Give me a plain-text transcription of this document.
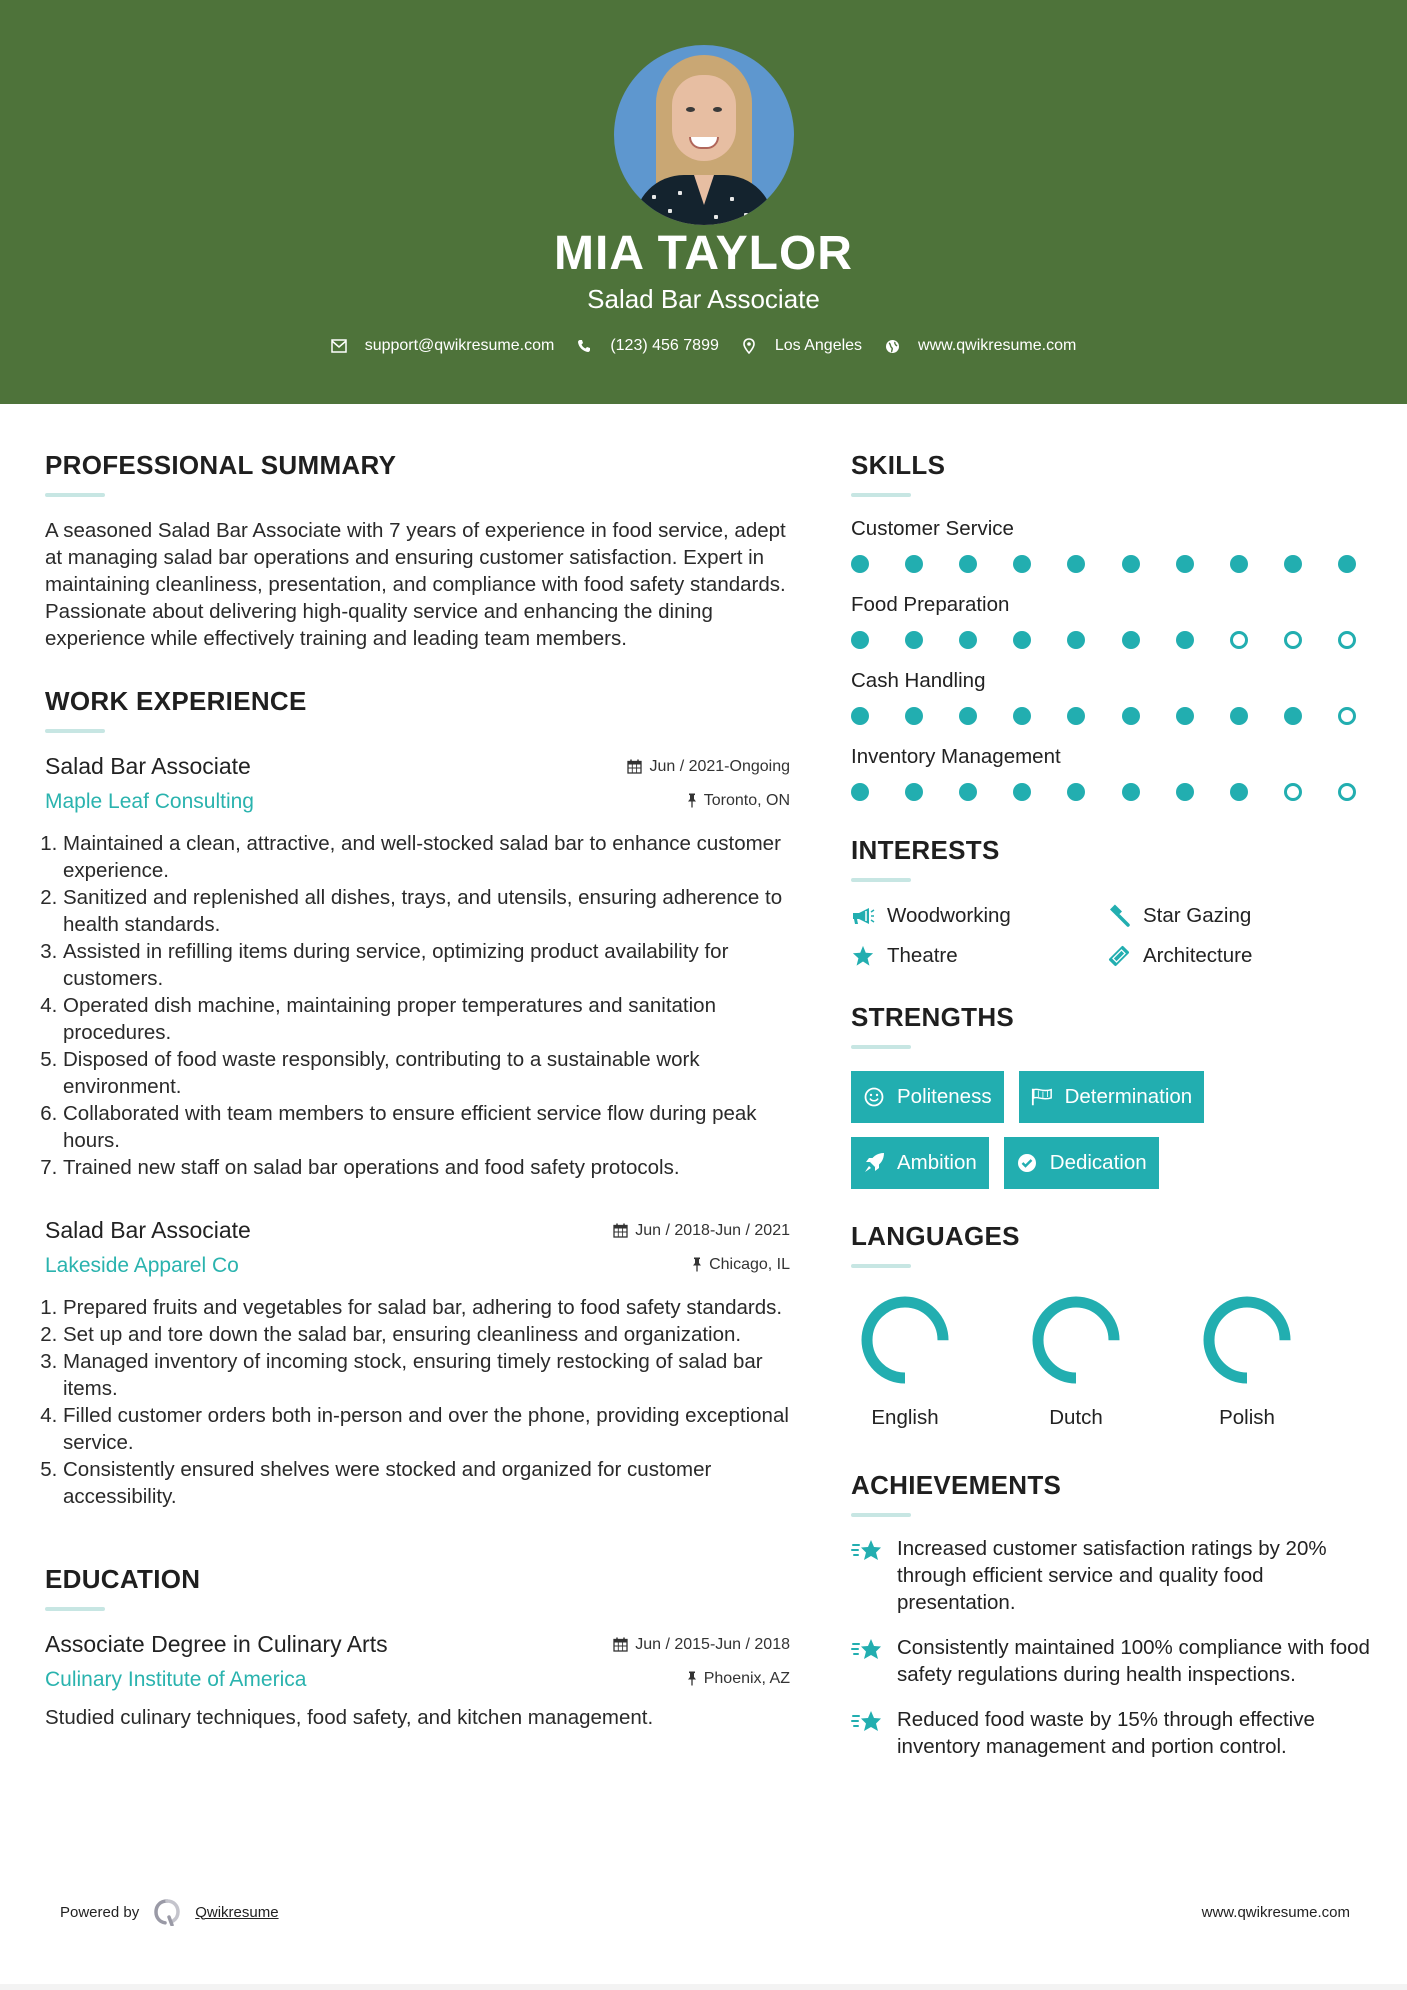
MIA TAYLOR
Salad Bar Associate
support@qwikresume.com	(123) 456 7899	Los Angeles	www.qwikresume.com
PROFESSIONAL SUMMARY

A seasoned Salad Bar Associate with 7 years of experience in food service, adept at managing salad bar operations and ensuring customer satisfaction. Expert in maintaining cleanliness, presentation, and compliance with food safety standards. Passionate about delivering high-quality service and enhancing the dining experience while effectively training and leading team members.

WORK EXPERIENCE
Salad Bar Associate	Jun / 2021-Ongoing
Maple Leaf Consulting	Toronto, ON
1. Maintained a clean, attractive, and well-stocked salad bar to enhance customer experience.
2. Sanitized and replenished all dishes, trays, and utensils, ensuring adherence to health standards.
3. Assisted in refilling items during service, optimizing product availability for customers.
4. Operated dish machine, maintaining proper temperatures and sanitation procedures.
5. Disposed of food waste responsibly, contributing to a sustainable work environment.
6. Collaborated with team members to ensure efficient service flow during peak hours.
7. Trained new staff on salad bar operations and food safety protocols.
Salad Bar Associate	Jun / 2018-Jun / 2021
Lakeside Apparel Co	Chicago, IL
1. Prepared fruits and vegetables for salad bar, adhering to food safety standards.
2. Set up and tore down the salad bar, ensuring cleanliness and organization.
3. Managed inventory of incoming stock, ensuring timely restocking of salad bar items.
4. Filled customer orders both in-person and over the phone, providing exceptional service.
5. Consistently ensured shelves were stocked and organized for customer accessibility.
EDUCATION
Associate Degree in Culinary Arts	Jun / 2015-Jun / 2018
Culinary Institute of America	Phoenix, AZ

Studied culinary techniques, food safety, and kitchen management.

SKILLS
Customer Service
Food Preparation
Cash Handling
Inventory Management
INTERESTS
Woodworking	Star Gazing
Theatre	Architecture
STRENGTHS
Politeness	Determination
Ambition	Dedication
LANGUAGES
English	Dutch	Polish
ACHIEVEMENTS
Increased customer satisfaction ratings by 20% through efficient service and quality food presentation.
Consistently maintained 100% compliance with food safety regulations during health inspections.
Reduced food waste by 15% through effective inventory management and portion control.
Powered by	Qwikresume	www.qwikresume.com
